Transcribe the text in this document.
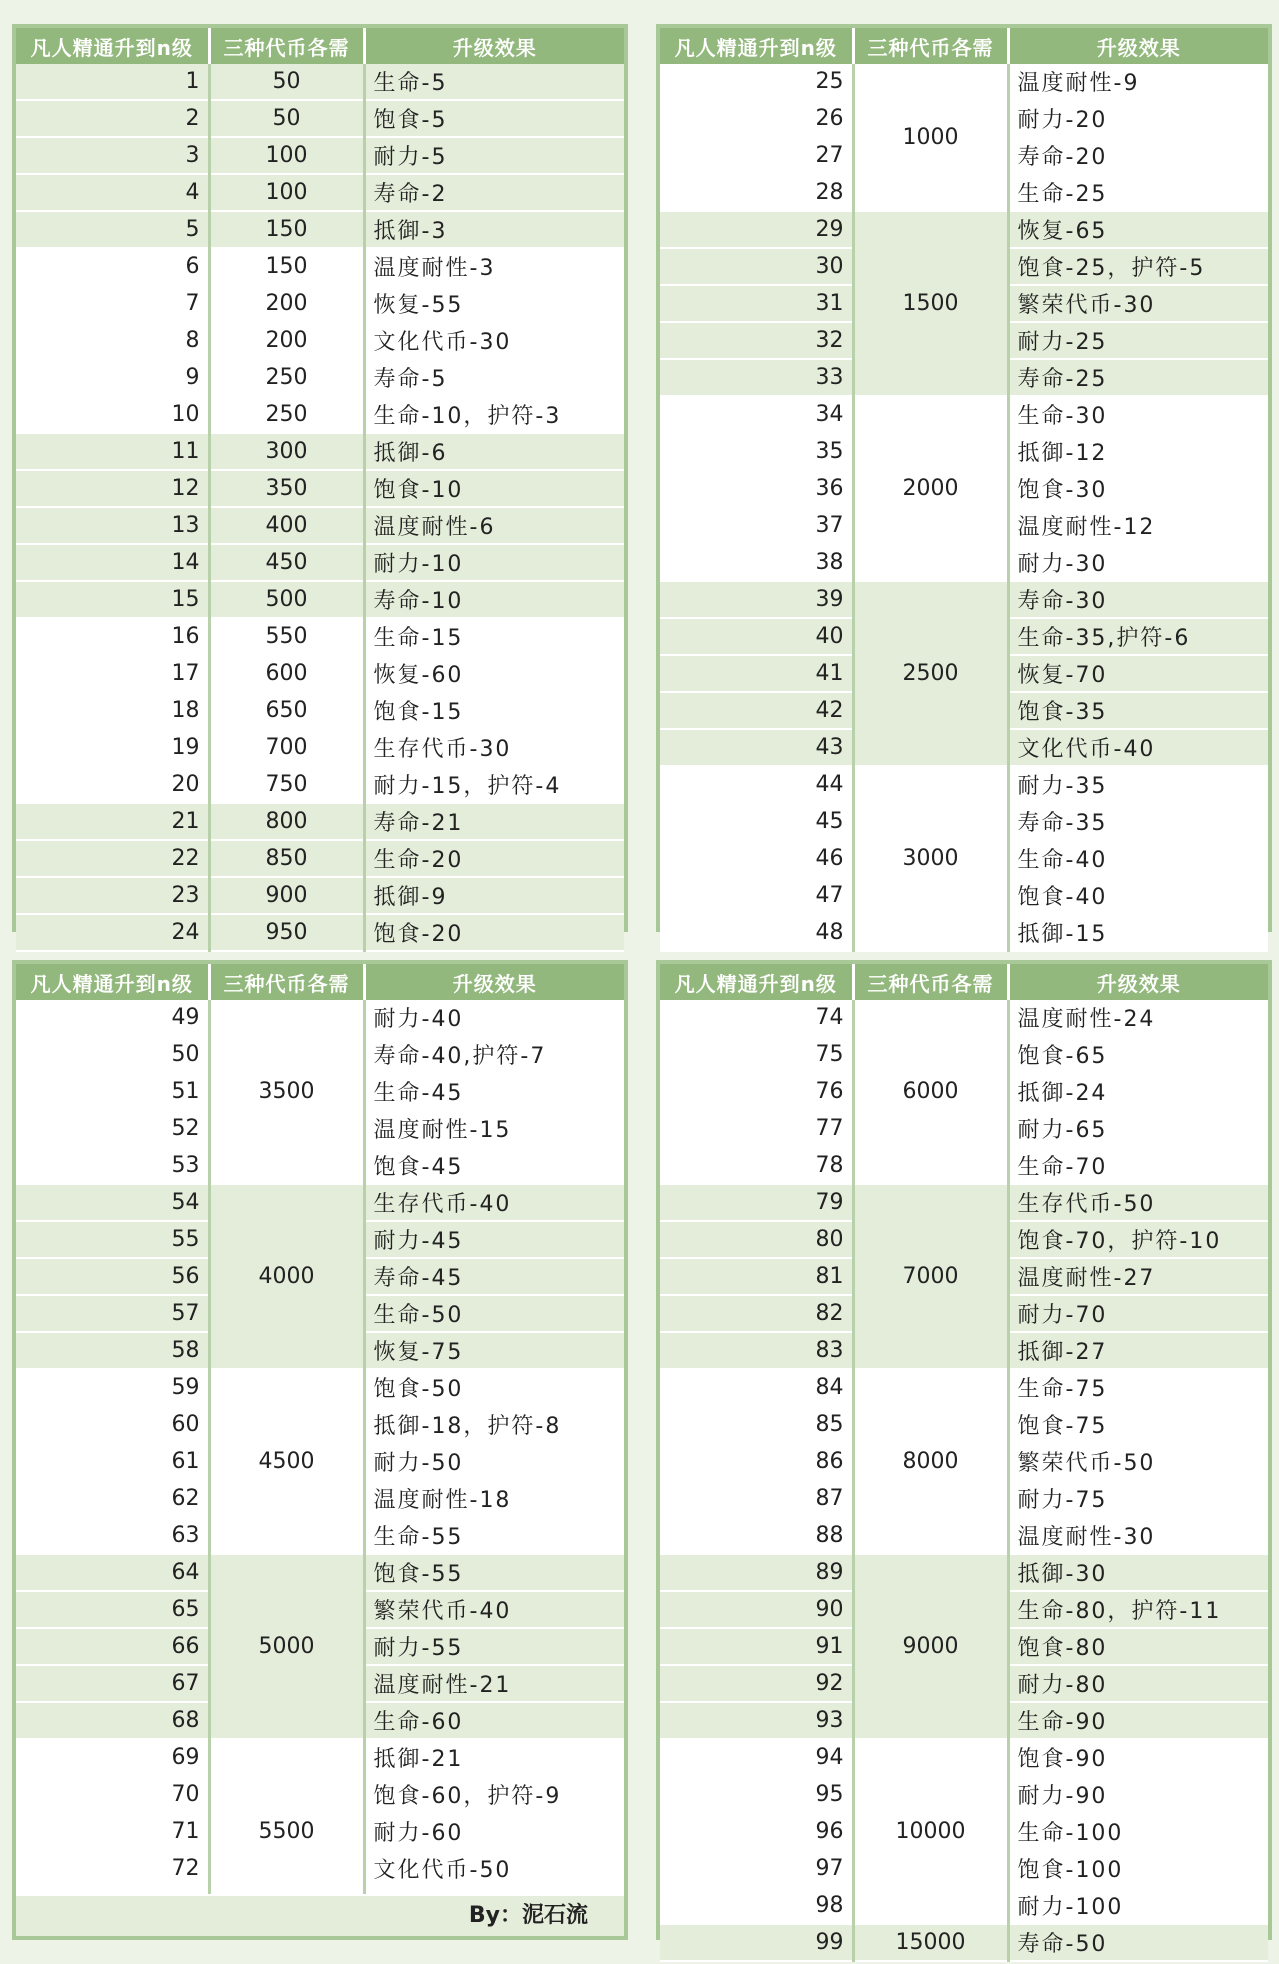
凡人精通升到n级	三种代币各需	升级效果
1	50	生命-5
2	50	饱食-5
3	100	耐力-5
4	100	寿命-2
5	150	抵御-3
6	150	温度耐性-3
7	200	恢复-55
8	200	文化代币-30
9	250	寿命-5
10	250	生命-10，护符-3
11	300	抵御-6
12	350	饱食-10
13	400	温度耐性-6
14	450	耐力-10
15	500	寿命-10
16	550	生命-15
17	600	恢复-60
18	650	饱食-15
19	700	生存代币-30
20	750	耐力-15，护符-4
21	800	寿命-21
22	850	生命-20
23	900	抵御-9
24	950	饱食-20
凡人精通升到n级	三种代币各需	升级效果
25	1000	温度耐性-9
26		耐力-20
27		寿命-20
28		生命-25
29	1500	恢复-65
30		饱食-25，护符-5
31		繁荣代币-30
32		耐力-25
33		寿命-25
34	2000	生命-30
35		抵御-12
36		饱食-30
37		温度耐性-12
38		耐力-30
39	2500	寿命-30
40		生命-35,护符-6
41		恢复-70
42		饱食-35
43		文化代币-40
44	3000	耐力-35
45		寿命-35
46		生命-40
47		饱食-40
48		抵御-15
凡人精通升到n级	三种代币各需	升级效果
49	3500	耐力-40
50		寿命-40,护符-7
51		生命-45
52		温度耐性-15
53		饱食-45
54	4000	生存代币-40
55		耐力-45
56		寿命-45
57		生命-50
58		恢复-75
59	4500	饱食-50
60		抵御-18，护符-8
61		耐力-50
62		温度耐性-18
63		生命-55
64	5000	饱食-55
65		繁荣代币-40
66		耐力-55
67		温度耐性-21
68		生命-60
69	5500	抵御-21
70		饱食-60，护符-9
71		耐力-60
72		文化代币-50

By：泥石流
凡人精通升到n级	三种代币各需	升级效果
74	6000	温度耐性-24
75		饱食-65
76		抵御-24
77		耐力-65
78		生命-70
79	7000	生存代币-50
80		饱食-70，护符-10
81		温度耐性-27
82		耐力-70
83		抵御-27
84	8000	生命-75
85		饱食-75
86		繁荣代币-50
87		耐力-75
88		温度耐性-30
89	9000	抵御-30
90		生命-80，护符-11
91		饱食-80
92		耐力-80
93		生命-90
94	10000	饱食-90
95		耐力-90
96		生命-100
97		饱食-100
98		耐力-100
99	15000	寿命-50
